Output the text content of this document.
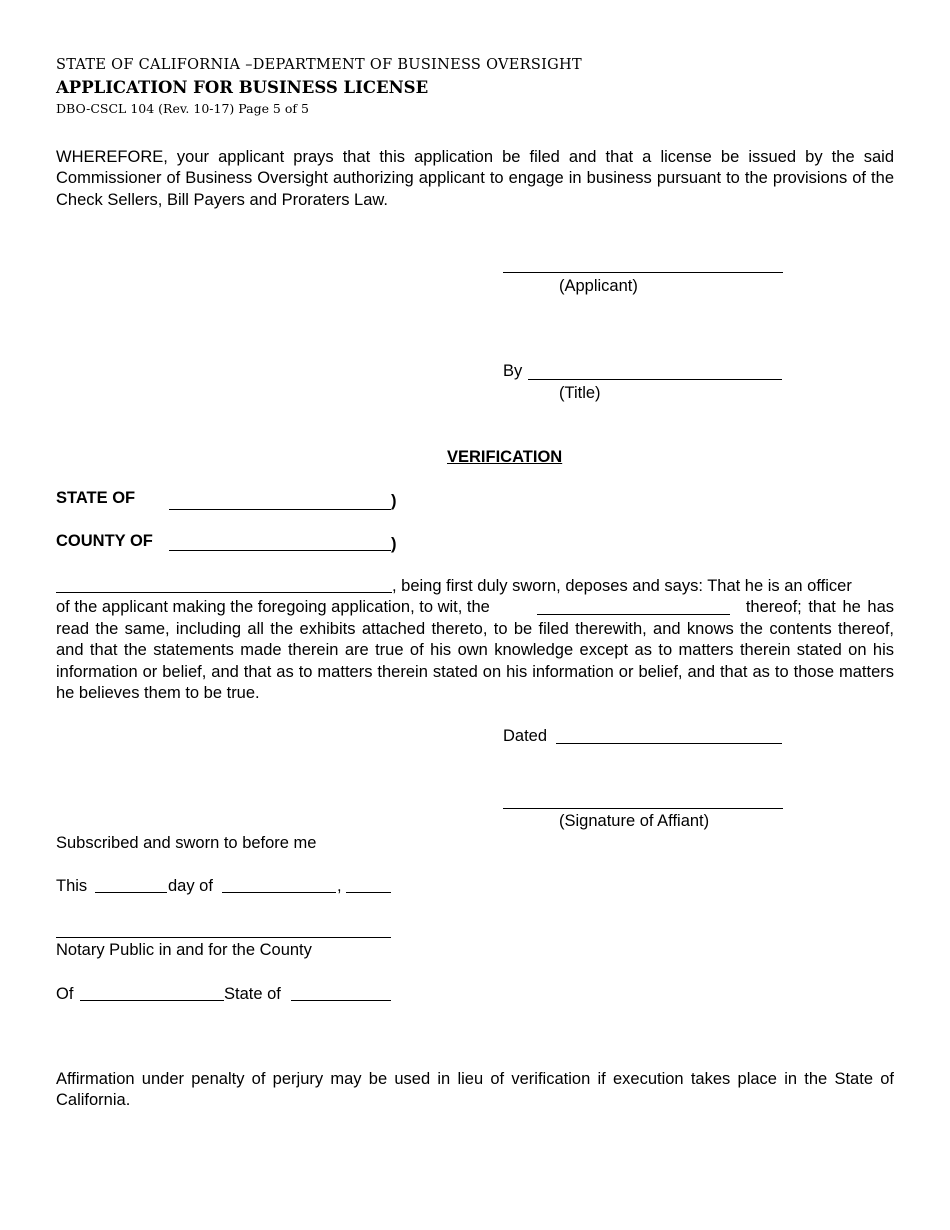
STATE OF CALIFORNIA –DEPARTMENT OF BUSINESS OVERSIGHT
APPLICATION FOR BUSINESS LICENSE
DBO-CSCL 104 (Rev. 10-17) Page 5 of 5
WHEREFORE, your applicant prays that this application be filed and that a license be issued by the said Commissioner of Business Oversight authorizing applicant to engage in business pursuant to the provisions of the Check Sellers, Bill Payers and Proraters Law.
(Applicant)
By
(Title)
VERIFICATION
STATE OF	)
COUNTY OF	)
, being first duly sworn, deposes and says: That he is an officer
of the applicant making the foregoing application, to wit, the	thereof; that he has
read the same, including all the exhibits attached thereto, to be filed therewith, and knows the contents thereof, and that the statements made therein are true of his own knowledge except as to matters therein stated on his information or belief, and that as to matters therein stated on his information or belief, and that as to those matters he believes them to be true.
Dated
(Signature of Affiant)
Subscribed and sworn to before me
This	day of	,
Notary Public in and for the County
Of	State of
Affirmation under penalty of perjury may be used in lieu of verification if execution takes place in the State of California.
